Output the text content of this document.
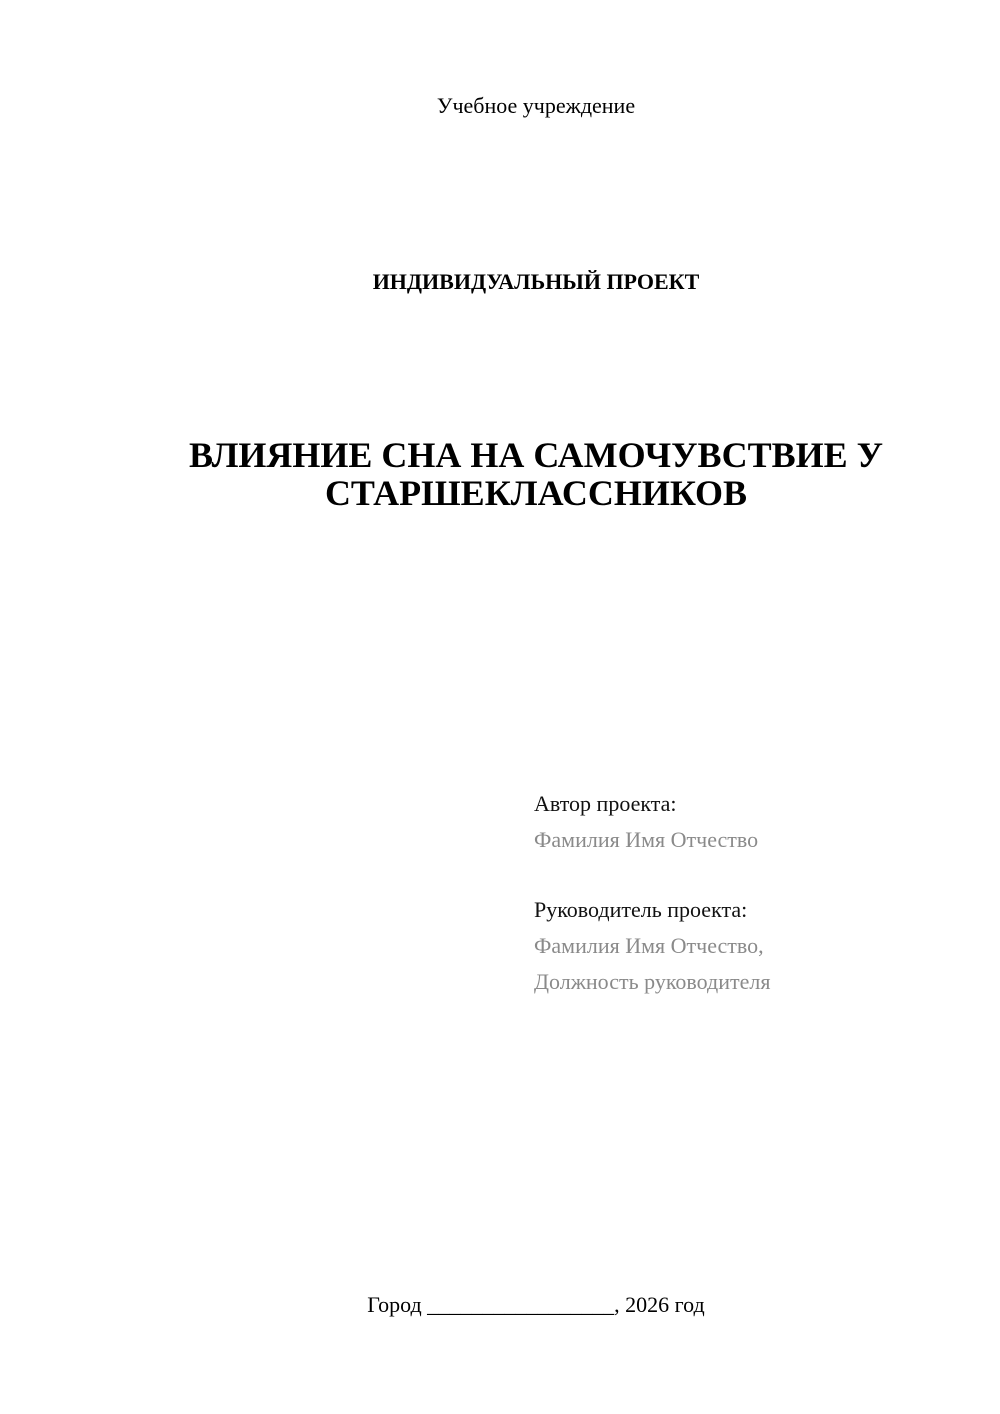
Учебное учреждение
ИНДИВИДУАЛЬНЫЙ ПРОЕКТ
ВЛИЯНИЕ СНА НА САМОЧУВСТВИЕ У
СТАРШЕКЛАССНИКОВ
Автор проекта:
Фамилия Имя Отчество
Руководитель проекта:
Фамилия Имя Отчество,
Должность руководителя
Город _________________, 2026 год
